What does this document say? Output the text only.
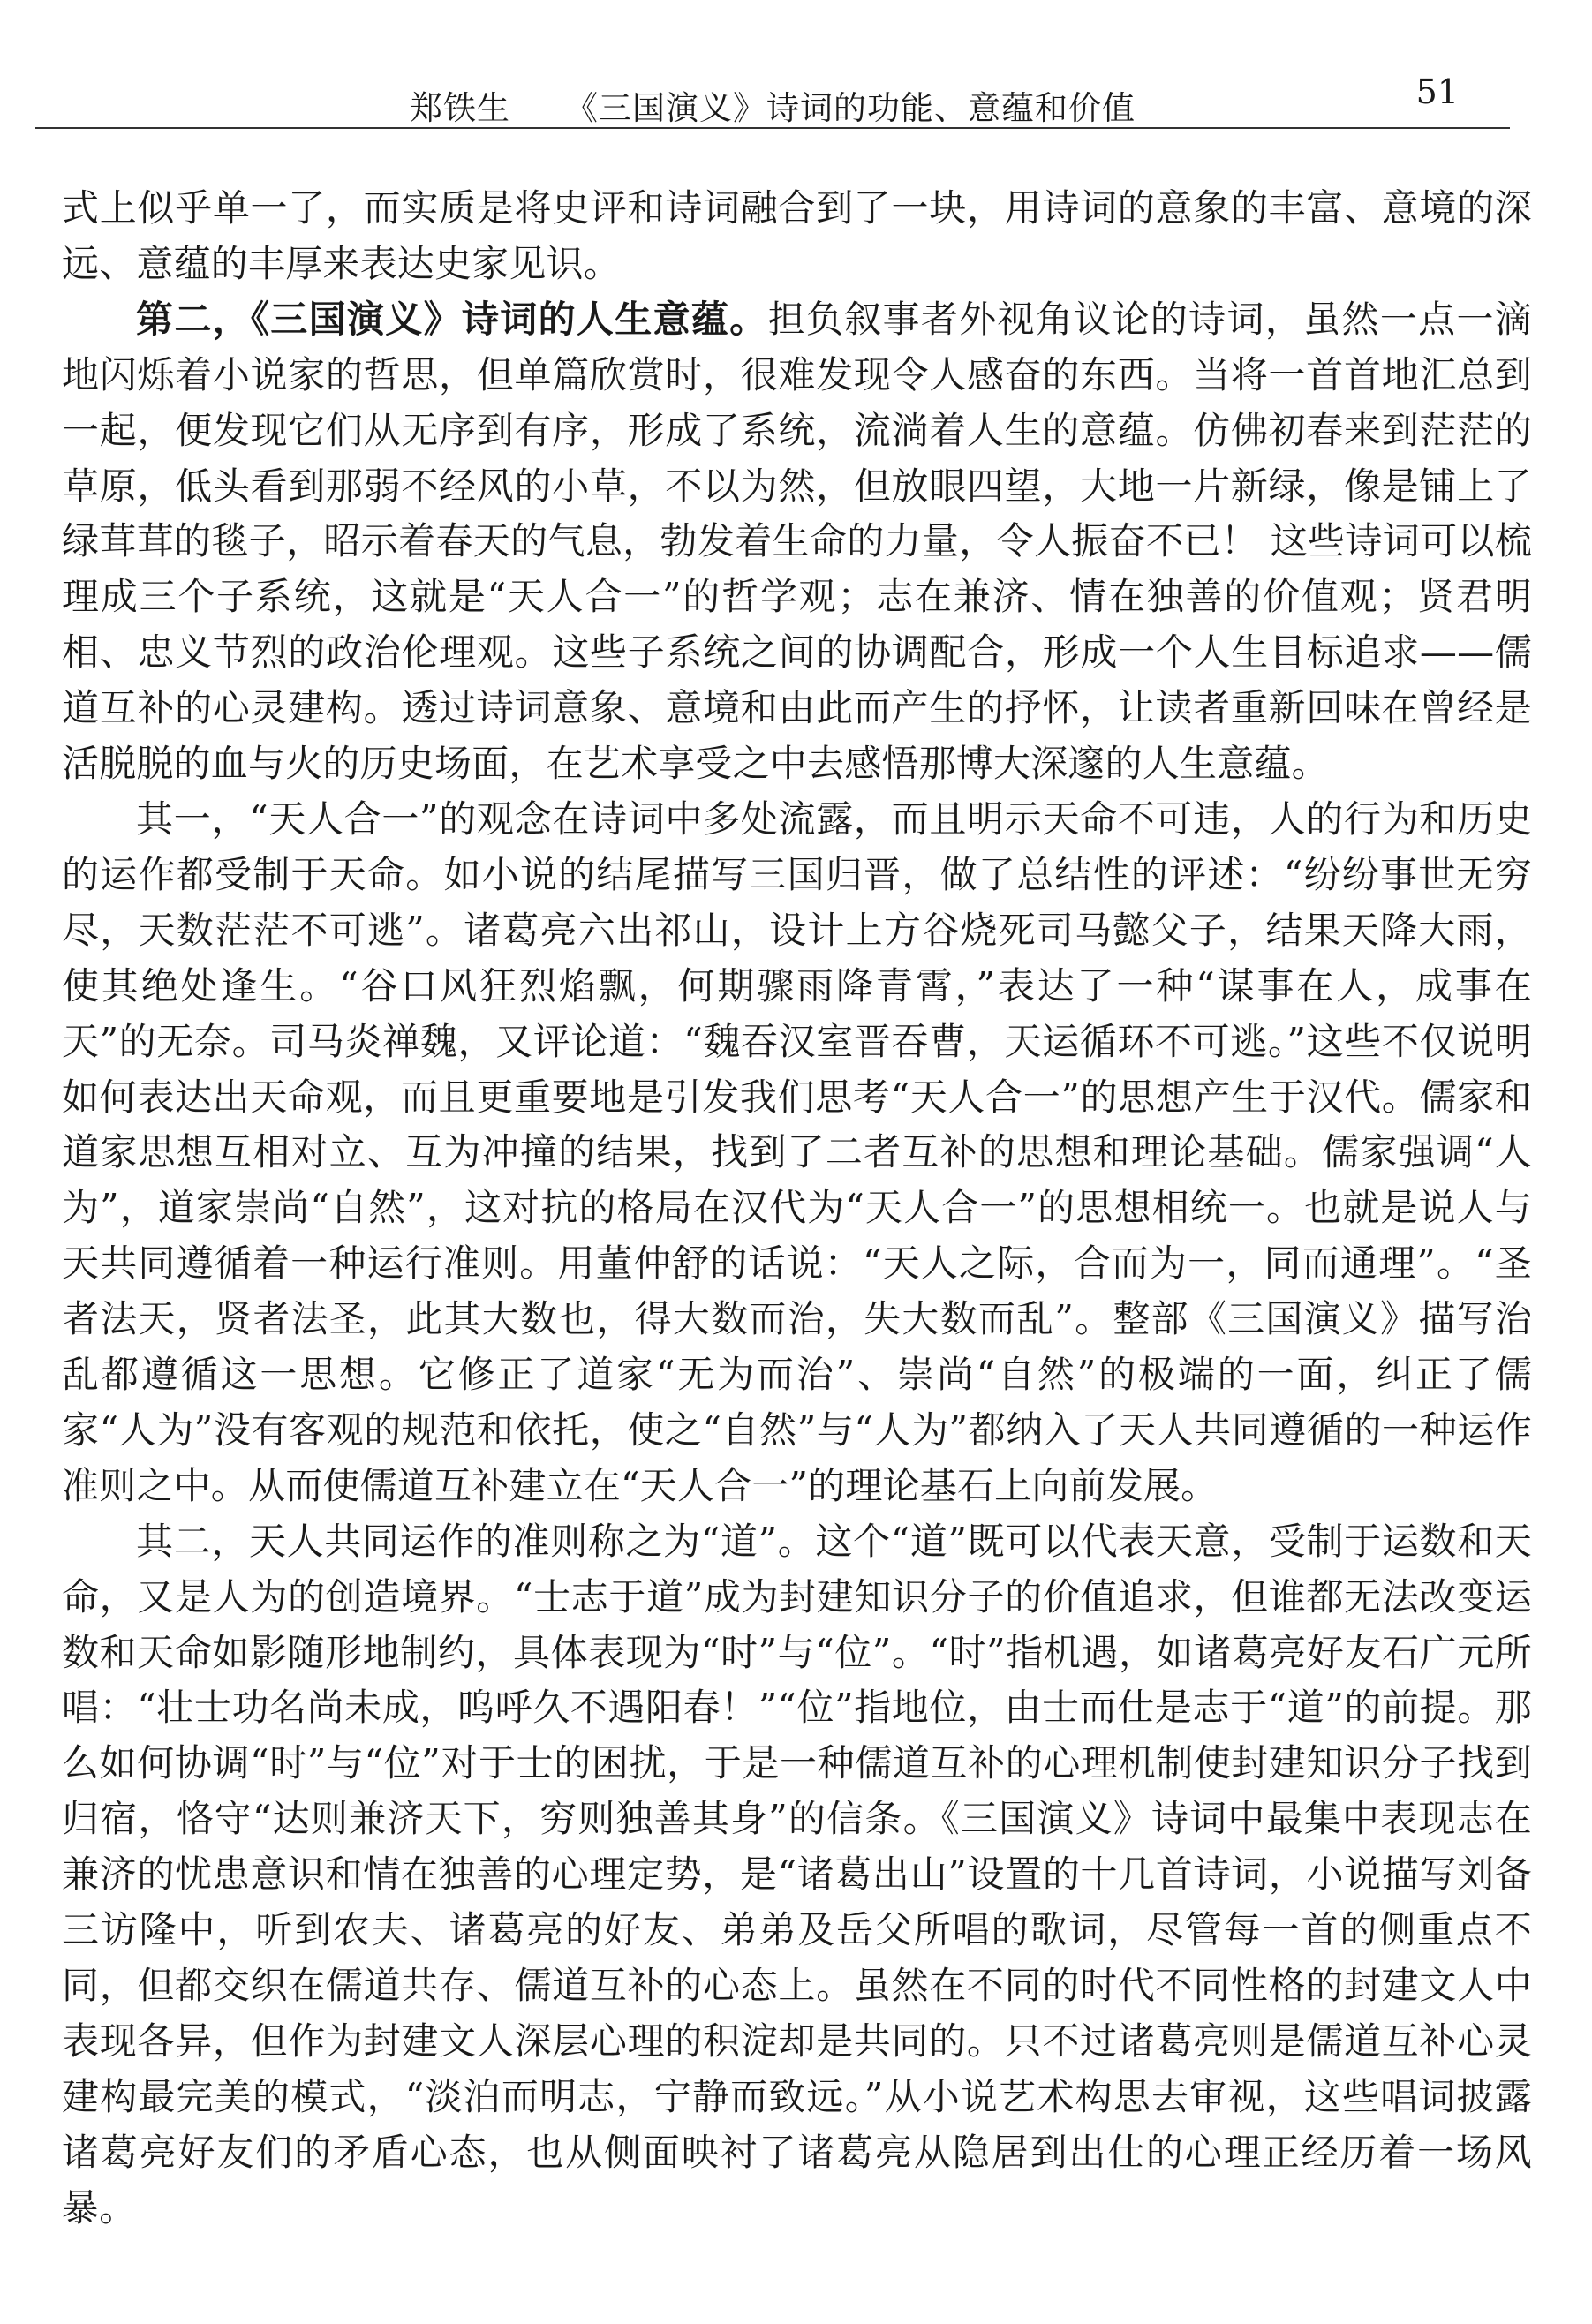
郑铁生 《三国演义》诗词的功能、意蕴和价值	51

式上似乎单一了，而实质是将史评和诗词融合到了一块，用诗词的意象的丰富、意境的深远、意蕴的丰厚来表达史家见识。

第二，《三国演义》诗词的人生意蕴。担负叙事者外视角议论的诗词，虽然一点一滴地闪烁着小说家的哲思，但单篇欣赏时，很难发现令人感奋的东西。当将一首首地汇总到一起，便发现它们从无序到有序，形成了系统，流淌着人生的意蕴。仿佛初春来到茫茫的草原，低头看到那弱不经风的小草，不以为然，但放眼四望，大地一片新绿，像是铺上了绿茸茸的毯子，昭示着春天的气息，勃发着生命的力量，令人振奋不已！ 这些诗词可以梳理成三个子系统，这就是“天人合一”的哲学观；志在兼济、情在独善的价值观；贤君明相、忠义节烈的政治伦理观。这些子系统之间的协调配合，形成一个人生目标追求——儒道互补的心灵建构。透过诗词意象、意境和由此而产生的抒怀，让读者重新回味在曾经是活脱脱的血与火的历史场面，在艺术享受之中去感悟那博大深邃的人生意蕴。

其一，“天人合一”的观念在诗词中多处流露，而且明示天命不可违，人的行为和历史的运作都受制于天命。如小说的结尾描写三国归晋，做了总结性的评述：“纷纷事世无穷尽，天数茫茫不可逃”。诸葛亮六出祁山，设计上方谷烧死司马懿父子，结果天降大雨，使其绝处逢生。“谷口风狂烈焰飘，何期骤雨降青霄，”表达了一种“谋事在人，成事在天”的无奈。司马炎禅魏，又评论道：“魏吞汉室晋吞曹，天运循环不可逃。”这些不仅说明如何表达出天命观，而且更重要地是引发我们思考“天人合一”的思想产生于汉代。儒家和道家思想互相对立、互为冲撞的结果，找到了二者互补的思想和理论基础。儒家强调“人为”，道家崇尚“自然”，这对抗的格局在汉代为“天人合一”的思想相统一。也就是说人与天共同遵循着一种运行准则。用董仲舒的话说：“天人之际，合而为一，同而通理”。“圣者法天，贤者法圣，此其大数也，得大数而治，失大数而乱”。整部《三国演义》描写治乱都遵循这一思想。它修正了道家“无为而治”、崇尚“自然”的极端的一面，纠正了儒家“人为”没有客观的规范和依托，使之“自然”与“人为”都纳入了天人共同遵循的一种运作准则之中。从而使儒道互补建立在“天人合一”的理论基石上向前发展。

其二，天人共同运作的准则称之为“道”。这个“道”既可以代表天意，受制于运数和天命，又是人为的创造境界。“士志于道”成为封建知识分子的价值追求，但谁都无法改变运数和天命如影随形地制约，具体表现为“时”与“位”。“时”指机遇，如诸葛亮好友石广元所唱：“壮士功名尚未成，呜呼久不遇阳春！”“位”指地位，由士而仕是志于“道”的前提。那么如何协调“时”与“位”对于士的困扰，于是一种儒道互补的心理机制使封建知识分子找到归宿，恪守“达则兼济天下，穷则独善其身”的信条。《三国演义》诗词中最集中表现志在兼济的忧患意识和情在独善的心理定势，是“诸葛出山”设置的十几首诗词，小说描写刘备三访隆中，听到农夫、诸葛亮的好友、弟弟及岳父所唱的歌词，尽管每一首的侧重点不同，但都交织在儒道共存、儒道互补的心态上。虽然在不同的时代不同性格的封建文人中表现各异，但作为封建文人深层心理的积淀却是共同的。只不过诸葛亮则是儒道互补心灵建构最完美的模式，“淡泊而明志，宁静而致远。”从小说艺术构思去审视，这些唱词披露诸葛亮好友们的矛盾心态，也从侧面映衬了诸葛亮从隐居到出仕的心理正经历着一场风暴。
